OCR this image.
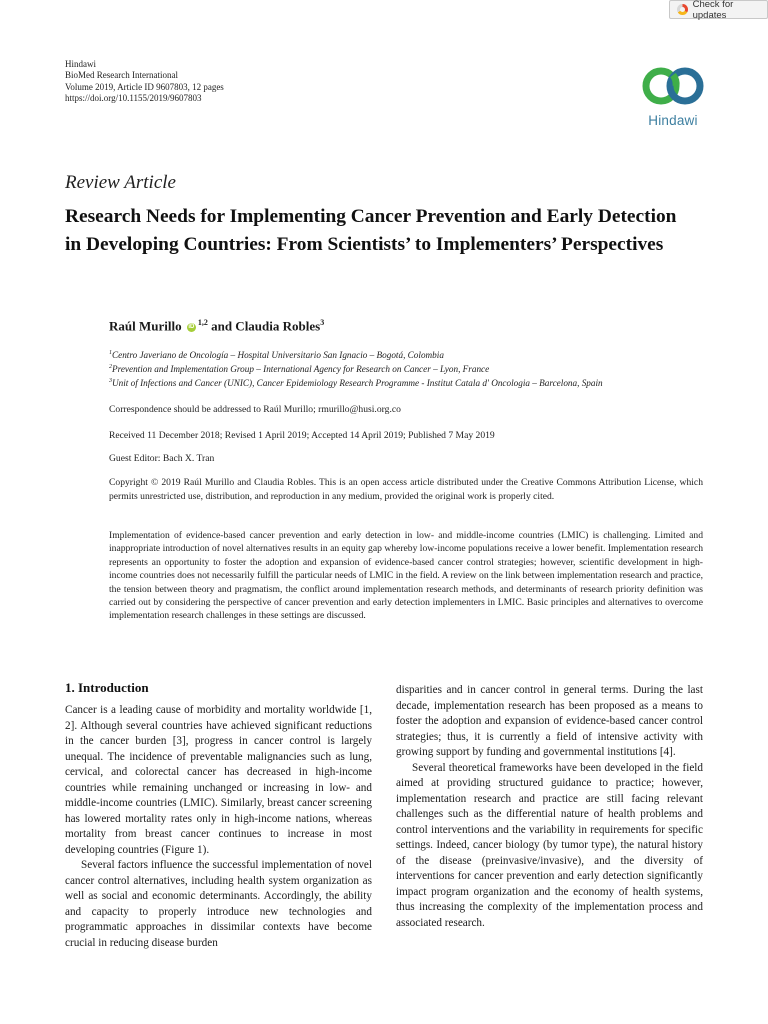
Check for updates
Hindawi
BioMed Research International
Volume 2019, Article ID 9607803, 12 pages
https://doi.org/10.1155/2019/9607803
Hindawi
Review Article
Research Needs for Implementing Cancer Prevention and Early Detection in Developing Countries: From Scientists’ to Implementers’ Perspectives
Raúl Murillo iD $^{1,2}$ and Claudia Robles$^3$
$^1$Centro Javeriano de Oncología – Hospital Universitario San Ignacio – Bogotá, Colombia
$^2$Prevention and Implementation Group – International Agency for Research on Cancer – Lyon, France
$^3$Unit of Infections and Cancer (UNIC), Cancer Epidemiology Research Programme - Institut Catala d' Oncologia – Barcelona, Spain
Correspondence should be addressed to Raúl Murillo; rmurillo@husi.org.co
Received 11 December 2018; Revised 1 April 2019; Accepted 14 April 2019; Published 7 May 2019
Guest Editor: Bach X. Tran
Copyright © 2019 Raúl Murillo and Claudia Robles. This is an open access article distributed under the Creative Commons Attribution License, which permits unrestricted use, distribution, and reproduction in any medium, provided the original work is properly cited.
Implementation of evidence-based cancer prevention and early detection in low- and middle-income countries (LMIC) is challenging. Limited and inappropriate introduction of novel alternatives results in an equity gap whereby low-income populations receive a lower benefit. Implementation research represents an opportunity to foster the adoption and expansion of evidence-based cancer control strategies; however, scientific development in high-income countries does not necessarily fulfill the particular needs of LMIC in the field. A review on the link between implementation research and practice, the tension between theory and pragmatism, the conflict around implementation research methods, and determinants of research priority definition was carried out by considering the perspective of cancer prevention and early detection implementers in LMIC. Basic principles and alternatives to overcome implementation research challenges in these settings are discussed.
1. Introduction

Cancer is a leading cause of morbidity and mortality worldwide [1, 2]. Although several countries have achieved significant reductions in the cancer burden [3], progress in cancer control is largely unequal. The incidence of preventable malignancies such as lung, cervical, and colorectal cancer has decreased in high-income countries while remaining unchanged or increasing in low- and middle-income countries (LMIC). Similarly, breast cancer screening has lowered mortality rates only in high-income nations, whereas mortality from breast cancer continues to increase in most developing countries (Figure 1).

Several factors influence the successful implementation of novel cancer control alternatives, including health system organization as well as social and economic determinants. Accordingly, the ability and capacity to properly introduce new technologies and programmatic approaches in dissimilar contexts have become crucial in reducing disease burden

disparities and in cancer control in general terms. During the last decade, implementation research has been proposed as a means to foster the adoption and expansion of evidence-based cancer control strategies; thus, it is currently a field of intensive activity with growing support by funding and governmental institutions [4].

Several theoretical frameworks have been developed in the field aimed at providing structured guidance to practice; however, implementation research and practice are still facing relevant challenges such as the differential nature of health problems and control interventions and the variability in requirements for specific settings. Indeed, cancer biology (by tumor type), the natural history of the disease (preinvasive/invasive), and the diversity of interventions for cancer prevention and early detection significantly impact program organization and the economy of health systems, thus increasing the complexity of the implementation process and associated research.
